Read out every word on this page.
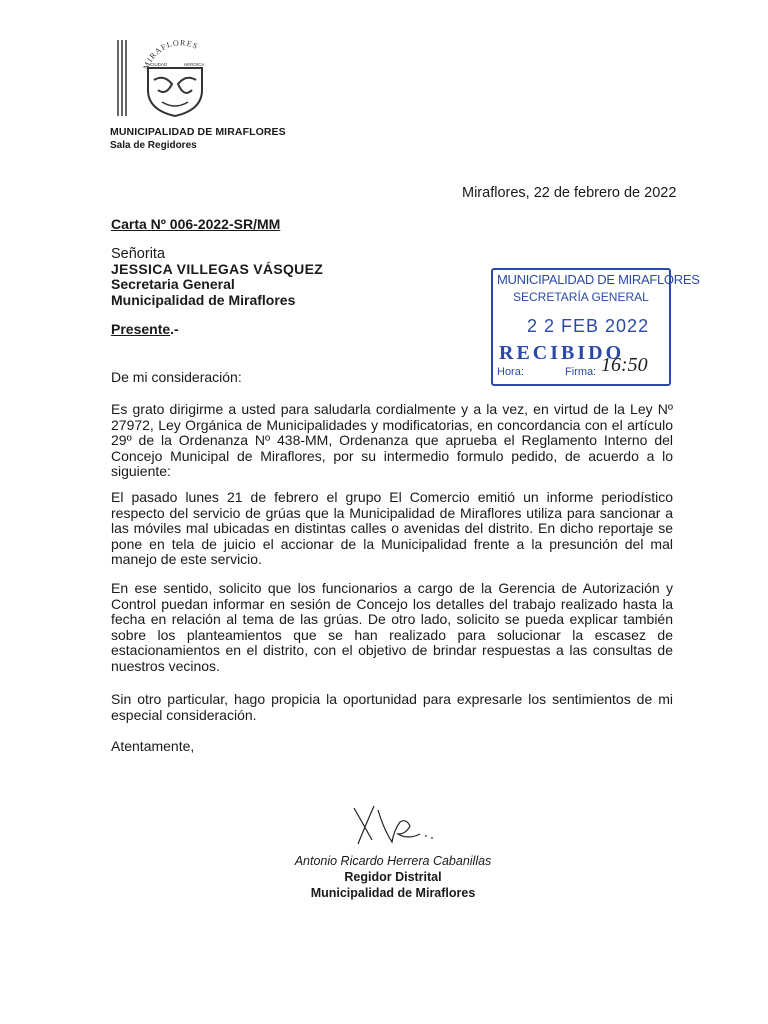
MIRAFLORES
CIUDAD	HEROICA
MUNICIPALIDAD DE MIRAFLORES
Sala de Regidores
Miraflores, 22 de febrero de 2022
Carta Nº 006-2022-SR/MM
Señorita
JESSICA VILLEGAS VÁSQUEZ
Secretaria General
Municipalidad de Miraflores
Presente.-
De mi consideración:

Es grato dirigirme a usted para saludarla cordialmente y a la vez, en virtud de la Ley Nº 27972, Ley Orgánica de Municipalidades y modificatorias, en concordancia con el artículo 29º de la Ordenanza Nº 438-MM, Ordenanza que aprueba el Reglamento Interno del Concejo Municipal de Miraflores, por su intermedio formulo pedido, de acuerdo a lo siguiente:

El pasado lunes 21 de febrero el grupo El Comercio emitió un informe periodístico respecto del servicio de grúas que la Municipalidad de Miraflores utiliza para sancionar a las móviles mal ubicadas en distintas calles o avenidas del distrito. En dicho reportaje se pone en tela de juicio el accionar de la Municipalidad frente a la presunción del mal manejo de este servicio.

En ese sentido, solicito que los funcionarios a cargo de la Gerencia de Autorización y Control puedan informar en sesión de Concejo los detalles del trabajo realizado hasta la fecha en relación al tema de las grúas. De otro lado, solicito se pueda explicar también sobre los planteamientos que se han realizado para solucionar la escasez de estacionamientos en el distrito, con el objetivo de brindar respuestas a las consultas de nuestros vecinos.

Sin otro particular, hago propicia la oportunidad para expresarle los sentimientos de mi especial consideración.

Atentamente,
Antonio Ricardo Herrera Cabanillas
Regidor Distrital
Municipalidad de Miraflores
MUNICIPALIDAD DE MIRAFLORES
SECRETARÍA GENERAL
2 2 FEB 2022
RECIBIDO
Hora:	Firma: 16:50
